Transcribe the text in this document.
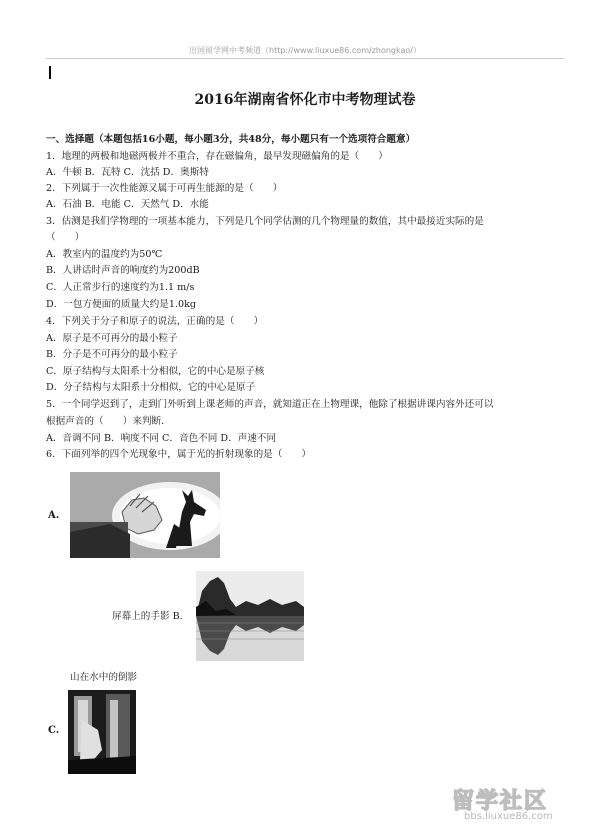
出国留学网中考频道（http://www.liuxue86.com/zhongkao/）
2016年湖南省怀化市中考物理试卷
一、选择题（本题包括16小题，每小题3分，共48分，每小题只有一个选项符合题意）
1．地理的两极和地磁两极并不重合，存在磁偏角，最早发现磁偏角的是（　　）
A．牛顿 B．瓦特 C．沈括 D．奥斯特
2．下列属于一次性能源又属于可再生能源的是（　　）
A．石油 B．电能 C．天然气 D．水能
3．估测是我们学物理的一项基本能力，下列是几个同学估测的几个物理量的数值，其中最接近实际的是
（　　）
A．教室内的温度约为50℃
B．人讲话时声音的响度约为200dB
C．人正常步行的速度约为1.1 m/s
D．一包方便面的质量大约是1.0kg
4．下列关于分子和原子的说法，正确的是（　　）
A．原子是不可再分的最小粒子
B．分子是不可再分的最小粒子
C．原子结构与太阳系十分相似，它的中心是原子核
D．分子结构与太阳系十分相似，它的中心是原子
5．一个同学迟到了，走到门外听到上课老师的声音，就知道正在上物理课，他除了根据讲课内容外还可以
根据声音的（　　）来判断．
A．音调不同 B．响度不同 C．音色不同 D．声速不同
6．下面列举的四个光现象中，属于光的折射现象的是（　　）
A.
屏幕上的手影 B.
山在水中的倒影
C.
留学社区
bbs.liuxue86.com
